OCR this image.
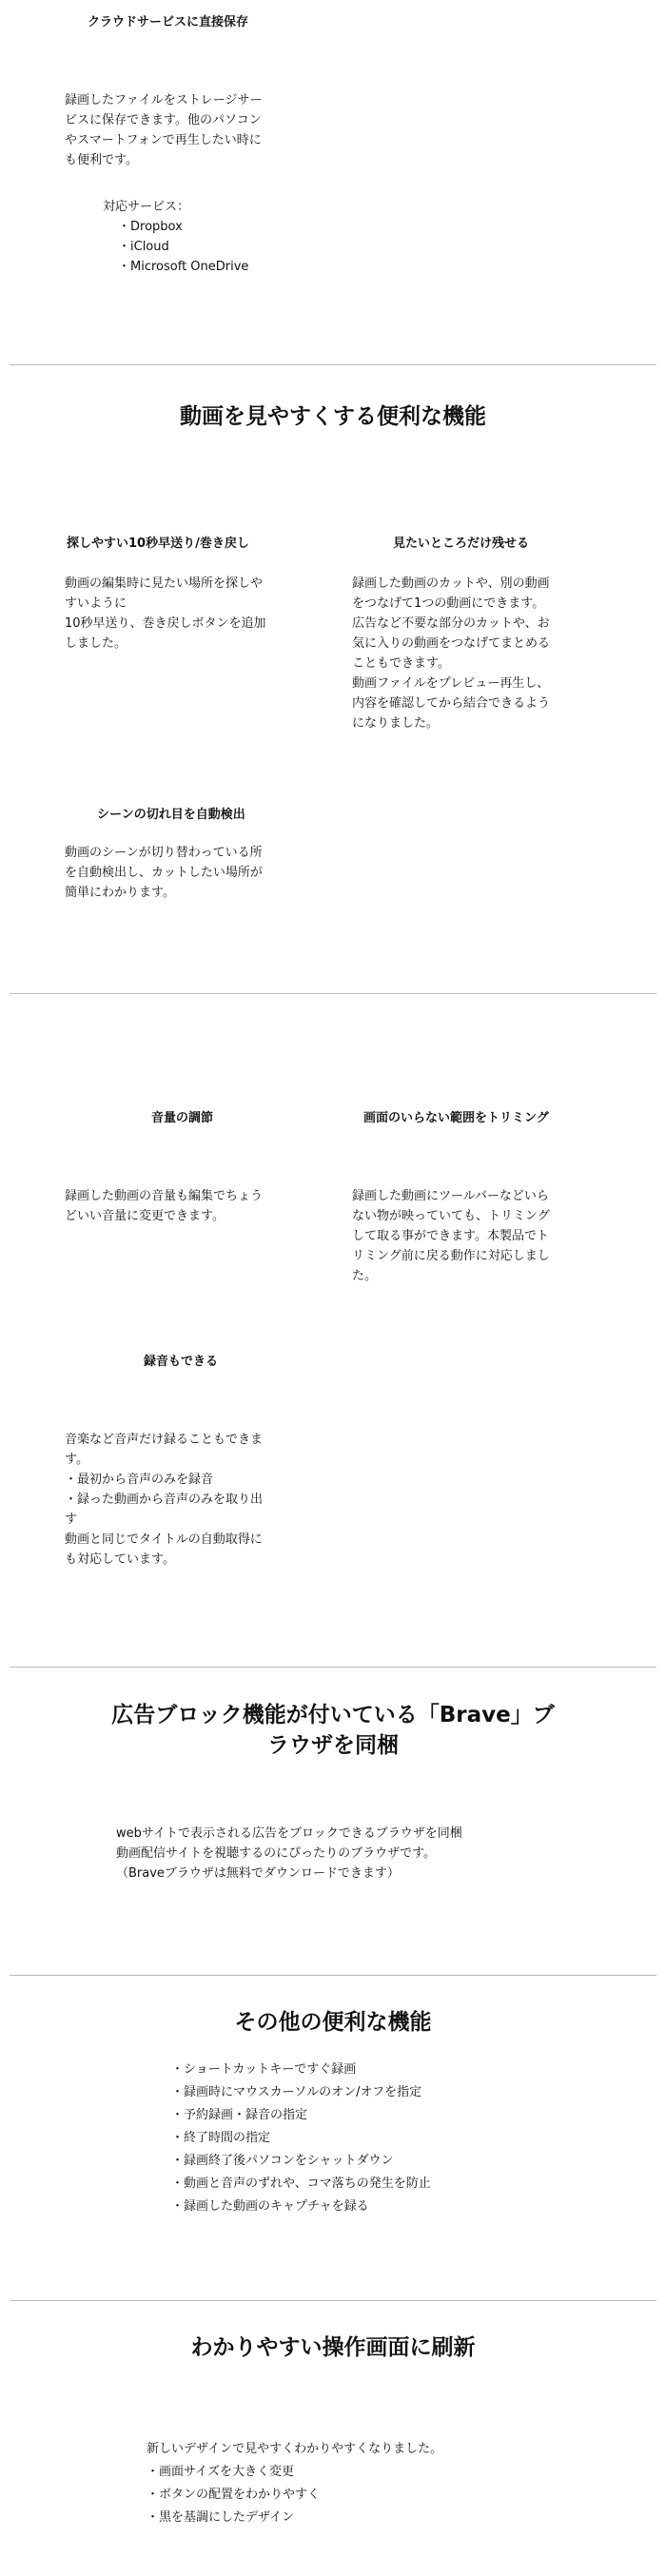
クラウドサービスに直接保存

録画したファイルをストレージサー

ビスに保存できます。他のパソコン

やスマートフォンで再生したい時に

も便利です。

対応サービス：
・Dropbox
・iCloud
・Microsoft OneDrive
動画を見やすくする便利な機能
探しやすい10秒早送り/巻き戻し

動画の編集時に見たい場所を探しや

すいように

10秒早送り、巻き戻しボタンを追加

しました。

見たいところだけ残せる

録画した動画のカットや、別の動画

をつなげて1つの動画にできます。

広告など不要な部分のカットや、お

気に入りの動画をつなげてまとめる

こともできます。

動画ファイルをプレビュー再生し、

内容を確認してから結合できるよう

になりました。

シーンの切れ目を自動検出

動画のシーンが切り替わっている所

を自動検出し、カットしたい場所が

簡単にわかります。

音量の調節

録画した動画の音量も編集でちょう

どいい音量に変更できます。

画面のいらない範囲をトリミング

録画した動画にツールバーなどいら

ない物が映っていても、トリミング

して取る事ができます。本製品でト

リミング前に戻る動作に対応しまし

た。

録音もできる

音楽など音声だけ録ることもできま

す。

・最初から音声のみを録音

・録った動画から音声のみを取り出

す

動画と同じでタイトルの自動取得に

も対応しています。

広告ブロック機能が付いている「Brave」ブ
ラウザを同梱

webサイトで表示される広告をブロックできるブラウザを同梱

動画配信サイトを視聴するのにぴったりのブラウザです。

（Braveブラウザは無料でダウンロードできます）

その他の便利な機能
・ショートカットキーですぐ録画
・録画時にマウスカーソルのオン/オフを指定
・予約録画・録音の指定
・終了時間の指定
・録画終了後パソコンをシャットダウン
・動画と音声のずれや、コマ落ちの発生を防止
・録画した動画のキャプチャを録る
わかりやすい操作画面に刷新
新しいデザインで見やすくわかりやすくなりました。
・画面サイズを大きく変更
・ボタンの配置をわかりやすく
・黒を基調にしたデザイン
